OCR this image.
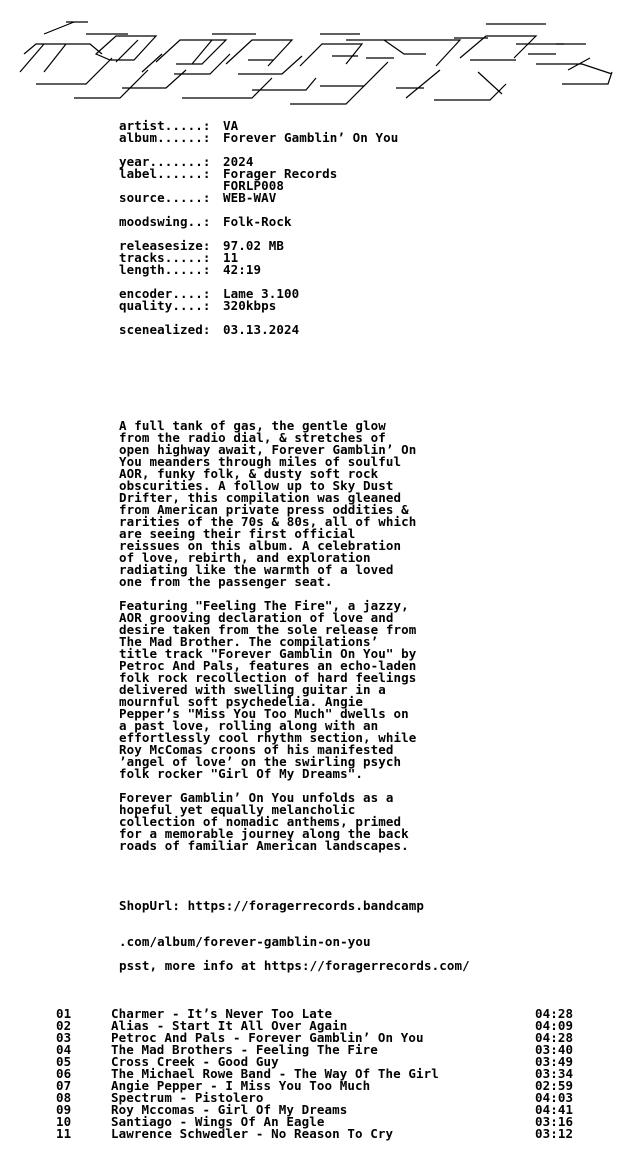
artist.....: VA
album......: Forever Gamblin’ On You
year.......: 2024
label......: Forager Records
FORLP008
source.....: WEB-WAV
moodswing..: Folk-Rock
releasesize: 97.02 MB
tracks.....: 11
length.....: 42:19
encoder....: Lame 3.100
quality....: 320kbps
scenealized: 03.13.2024
A full tank of gas, the gentle glow
from the radio dial, & stretches of
open highway await, Forever Gamblin’ On
You meanders through miles of soulful
AOR, funky folk, & dusty soft rock
obscurities. A follow up to Sky Dust
Drifter, this compilation was gleaned
from American private press oddities &
rarities of the 70s & 80s, all of which
are seeing their first official
reissues on this album. A celebration
of love, rebirth, and exploration
radiating like the warmth of a loved
one from the passenger seat.
Featuring "Feeling The Fire", a jazzy,
AOR grooving declaration of love and
desire taken from the sole release from
The Mad Brother. The compilations’
title track "Forever Gamblin On You" by
Petroc And Pals, features an echo-laden
folk rock recollection of hard feelings
delivered with swelling guitar in a
mournful soft psychedelia. Angie
Pepper’s "Miss You Too Much" dwells on
a past love, rolling along with an
effortlessly cool rhythm section, while
Roy McComas croons of his manifested
’angel of love’ on the swirling psych
folk rocker "Girl Of My Dreams".
Forever Gamblin’ On You unfolds as a
hopeful yet equally melancholic
collection of nomadic anthems, primed
for a memorable journey along the back
roads of familiar American landscapes.

ShopUrl: https://foragerrecords.bandcamp

.com/album/forever-gamblin-on-you

psst, more info at https://foragerrecords.com/
01	Charmer - It’s Never Too Late	04:28
02	Alias - Start It All Over Again	04:09
03	Petroc And Pals - Forever Gamblin’ On You	04:28
04	The Mad Brothers - Feeling The Fire	03:40
05	Cross Creek - Good Guy	03:49
06	The Michael Rowe Band - The Way Of The Girl	03:34
07	Angie Pepper - I Miss You Too Much	02:59
08	Spectrum - Pistolero	04:03
09	Roy Mccomas - Girl Of My Dreams	04:41
10	Santiago - Wings Of An Eagle	03:16
11	Lawrence Schwedler - No Reason To Cry	03:12
